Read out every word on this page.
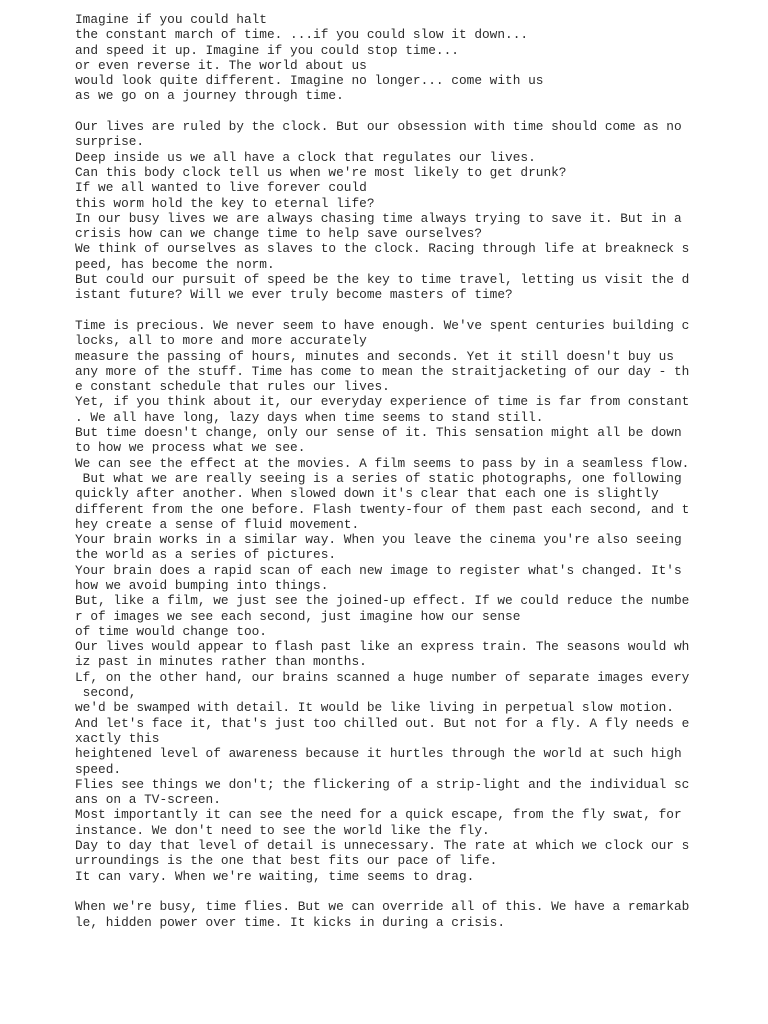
Imagine if you could halt
the constant march of time. ...if you could slow it down...
and speed it up. Imagine if you could stop time...
or even reverse it. The world about us
would look quite different. Imagine no longer... come with us
as we go on a journey through time.
Our lives are ruled by the clock. But our obsession with time should come as no
surprise.
Deep inside us we all have a clock that regulates our lives.
Can this body clock tell us when we're most likely to get drunk?
If we all wanted to live forever could
this worm hold the key to eternal life?
In our busy lives we are always chasing time always trying to save it. But in a
crisis how can we change time to help save ourselves?
We think of ourselves as slaves to the clock. Racing through life at breakneck s
peed, has become the norm.
But could our pursuit of speed be the key to time travel, letting us visit the d
istant future? Will we ever truly become masters of time?
Time is precious. We never seem to have enough. We've spent centuries building c
locks, all to more and more accurately
measure the passing of hours, minutes and seconds. Yet it still doesn't buy us
any more of the stuff. Time has come to mean the straitjacketing of our day - th
e constant schedule that rules our lives.
Yet, if you think about it, our everyday experience of time is far from constant
. We all have long, lazy days when time seems to stand still.
But time doesn't change, only our sense of it. This sensation might all be down
to how we process what we see.
We can see the effect at the movies. A film seems to pass by in a seamless flow.
But what we are really seeing is a series of static photographs, one following
quickly after another. When slowed down it's clear that each one is slightly
different from the one before. Flash twenty-four of them past each second, and t
hey create a sense of fluid movement.
Your brain works in a similar way. When you leave the cinema you're also seeing
the world as a series of pictures.
Your brain does a rapid scan of each new image to register what's changed. It's
how we avoid bumping into things.
But, like a film, we just see the joined-up effect. If we could reduce the numbe
r of images we see each second, just imagine how our sense
of time would change too.
Our lives would appear to flash past like an express train. The seasons would wh
iz past in minutes rather than months.
Lf, on the other hand, our brains scanned a huge number of separate images every
second,
we'd be swamped with detail. It would be like living in perpetual slow motion.
And let's face it, that's just too chilled out. But not for a fly. A fly needs e
xactly this
heightened level of awareness because it hurtles through the world at such high
speed.
Flies see things we don't; the flickering of a strip-light and the individual sc
ans on a TV-screen.
Most importantly it can see the need for a quick escape, from the fly swat, for
instance. We don't need to see the world like the fly.
Day to day that level of detail is unnecessary. The rate at which we clock our s
urroundings is the one that best fits our pace of life.
It can vary. When we're waiting, time seems to drag.
When we're busy, time flies. But we can override all of this. We have a remarkab
le, hidden power over time. It kicks in during a crisis.
